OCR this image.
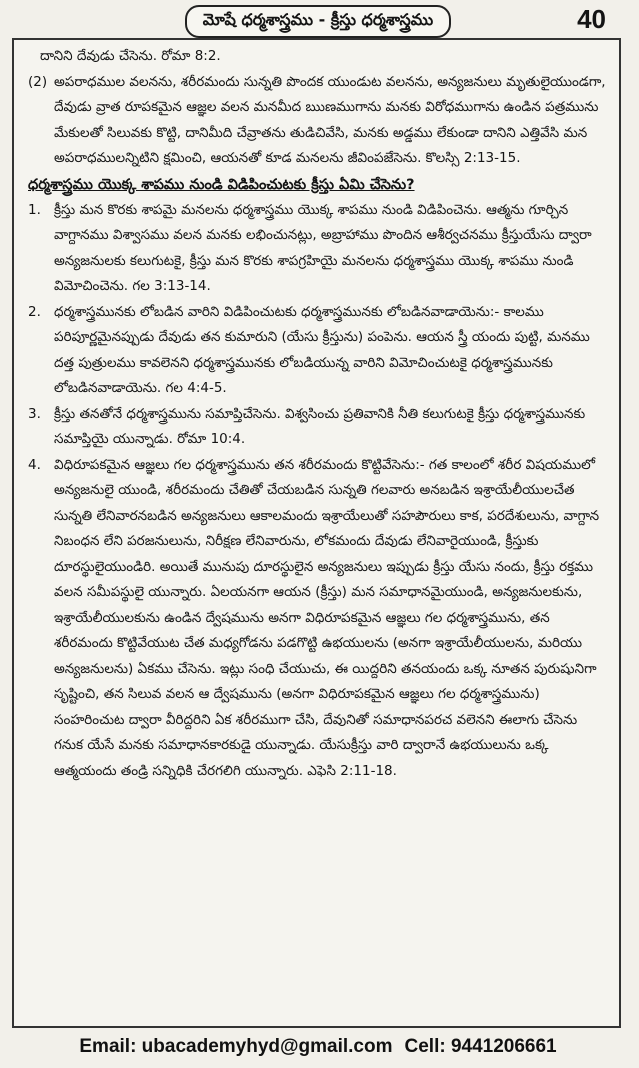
మోషే ధర్మశాస్త్రము - క్రీస్తు ధర్మశాస్త్రము	40

దానిని దేవుడు చేసెను. రోమా 8:2.

(2) అపరాధముల వలనను, శరీరమందు సున్నతి పొందక యుండుట వలనను, అన్యజనులు మృతులైయుండగా, దేవుడు వ్రాత రూపకమైన ఆజ్ఞల వలన మనమీద ఋణముగాను మనకు విరోధముగాను ఉండిన పత్రమును మేకులతో సిలువకు కొట్టి, దానిమీది చేవ్రాతను తుడిచివేసి, మనకు అడ్డము లేకుండా దానిని ఎత్తివేసి మన అపరాధములన్నిటిని క్షమించి, ఆయనతో కూడ మనలను జీవింపజేసెను. కొలస్సి 2:13-15.

ధర్మశాస్త్రము యొక్క శాపము నుండి విడిపించుటకు క్రీస్తు ఏమి చేసెను?

1. క్రీస్తు మన కొరకు శాపమై మనలను ధర్మశాస్త్రము యొక్క శాపము నుండి విడిపించెను. ఆత్మను గూర్చిన వాగ్దానము విశ్వాసము వలన మనకు లభించునట్లు, అబ్రాహాము పొందిన ఆశీర్వచనము క్రీస్తుయేసు ద్వారా అన్యజనులకు కలుగుటకై, క్రీస్తు మన కొరకు శాపగ్రహియై మనలను ధర్మశాస్త్రము యొక్క శాపము నుండి విమోచించెను. గల 3:13-14.
2. ధర్మశాస్త్రమునకు లోబడిన వారిని విడిపించుటకు ధర్మశాస్త్రమునకు లోబడినవాడాయెను:- కాలము పరిపూర్ణమైనప్పుడు దేవుడు తన కుమారుని (యేసు క్రీస్తును) పంపెను. ఆయన స్త్రీ యందు పుట్టి, మనము దత్త పుత్రులము కావలెనని ధర్మశాస్త్రమునకు లోబడియున్న వారిని విమోచించుటకై ధర్మశాస్త్రమునకు లోబడినవాడాయెను. గల 4:4-5.
3. క్రీస్తు తనతోనే ధర్మశాస్త్రమును సమాప్తిచేసెను. విశ్వసించు ప్రతివానికి నీతి కలుగుటకై క్రీస్తు ధర్మశాస్త్రమునకు సమాప్తియై యున్నాడు. రోమా 10:4.
4. విధిరూపకమైన ఆజ్ఞలు గల ధర్మశాస్త్రమును తన శరీరమందు కొట్టివేసెను:- గత కాలంలో శరీర విషయములో అన్యజనులై యుండి, శరీరమందు చేతితో చేయబడిన సున్నతి గలవారు అనబడిన ఇశ్రాయేలీయులచేత సున్నతి లేనివారనబడిన అన్యజనులు ఆకాలమందు ఇశ్రాయేలుతో సహపౌరులు కాక, పరదేశులును, వాగ్దాన నిబంధన లేని పరజనులును, నిరీక్షణ లేనివారును, లోకమందు దేవుడు లేనివారైయుండి, క్రీస్తుకు దూరస్థులైయుండిరి. అయితే మునుపు దూరస్థులైన అన్యజనులు ఇప్పుడు క్రీస్తు యేసు నందు, క్రీస్తు రక్తము వలన సమీపస్థులై యున్నారు. ఏలయనగా ఆయన (క్రీస్తు) మన సమాధానమైయుండి, అన్యజనులకును, ఇశ్రాయేలీయులకును ఉండిన ద్వేషమును అనగా విధిరూపకమైన ఆజ్ఞలు గల ధర్మశాస్త్రమును, తన శరీరమందు కొట్టివేయుట చేత మధ్యగోడను పడగొట్టి ఉభయులను (అనగా ఇశ్రాయేలీయులను, మరియు అన్యజనులను) ఏకము చేసెను. ఇట్లు సంధి చేయుచు, ఈ యిద్దరిని తనయందు ఒక్క నూతన పురుషునిగా సృష్టించి, తన సిలువ వలన ఆ ద్వేషమును (అనగా విధిరూపకమైన ఆజ్ఞలు గల ధర్మశాస్త్రమును) సంహరించుట ద్వారా వీరిద్దరిని ఏక శరీరముగా చేసి, దేవునితో సమాధానపరచ వలెనని ఈలాగు చేసెను గనుక యేసే మనకు సమాధానకారకుడై యున్నాడు. యేసుక్రీస్తు వారి ద్వారానే ఉభయులును ఒక్క ఆత్మయందు తండ్రి సన్నిధికి చేరగలిగి యున్నారు. ఎఫెసి 2:11-18.
Email: ubacademyhyd@gmail.com Cell: 9441206661
